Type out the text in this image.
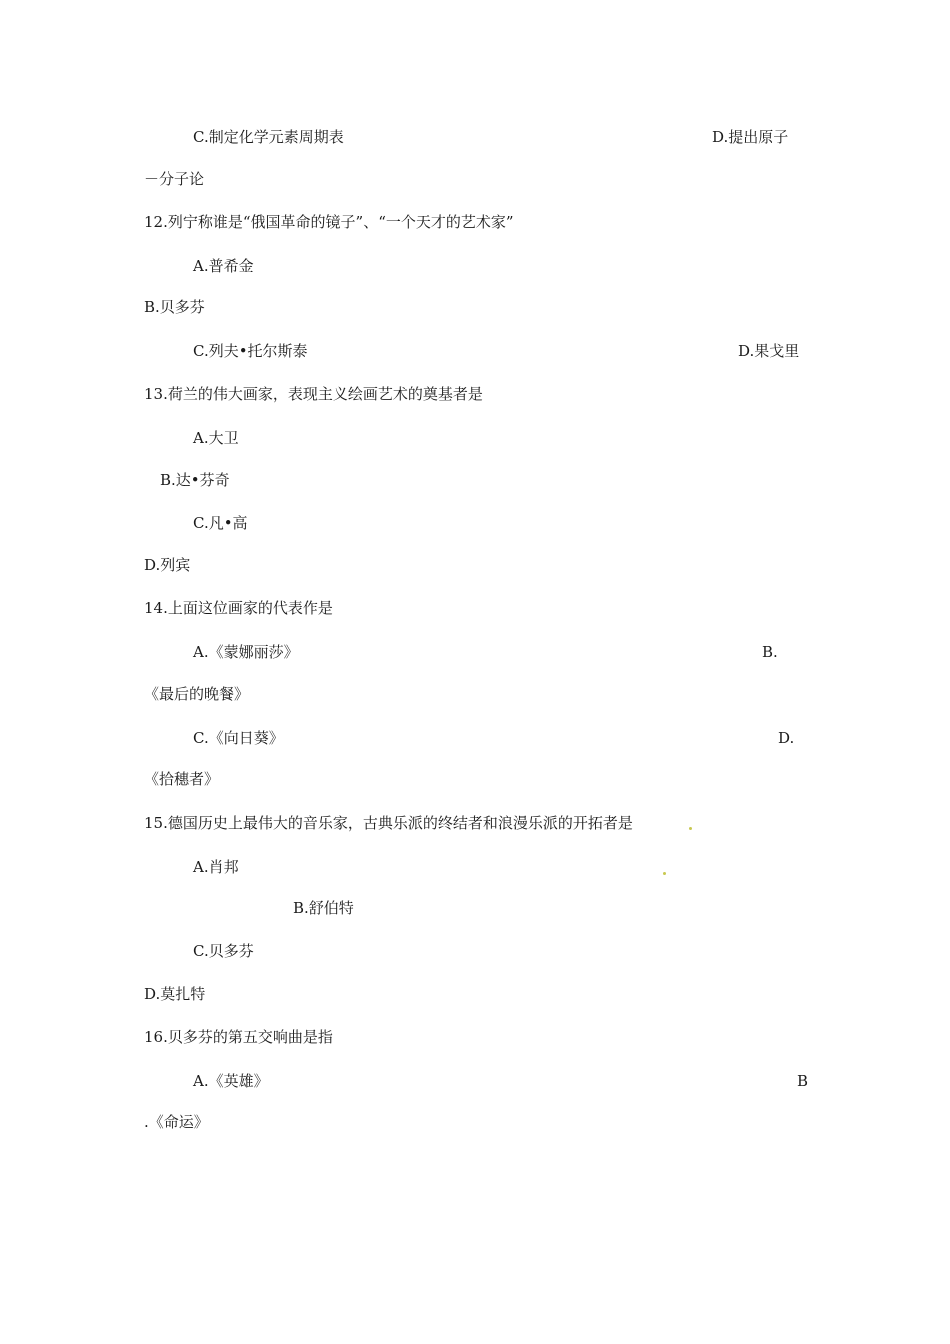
C.制定化学元素周期表	D.提出原子
－分子论
12.列宁称谁是“俄国革命的镜子”、“一个天才的艺术家”
A.普希金
B.贝多芬
C.列夫•托尔斯泰	D.果戈里
13.荷兰的伟大画家，表现主义绘画艺术的奠基者是
A.大卫
B.达•芬奇
C.凡•高
D.列宾
14.上面这位画家的代表作是
A.《蒙娜丽莎》	B.
《最后的晚餐》
C.《向日葵》	D.
《拾穗者》
15.德国历史上最伟大的音乐家，古典乐派的终结者和浪漫乐派的开拓者是
A.肖邦
B.舒伯特
C.贝多芬
D.莫扎特
16.贝多芬的第五交响曲是指
A.《英雄》	B
.《命运》
